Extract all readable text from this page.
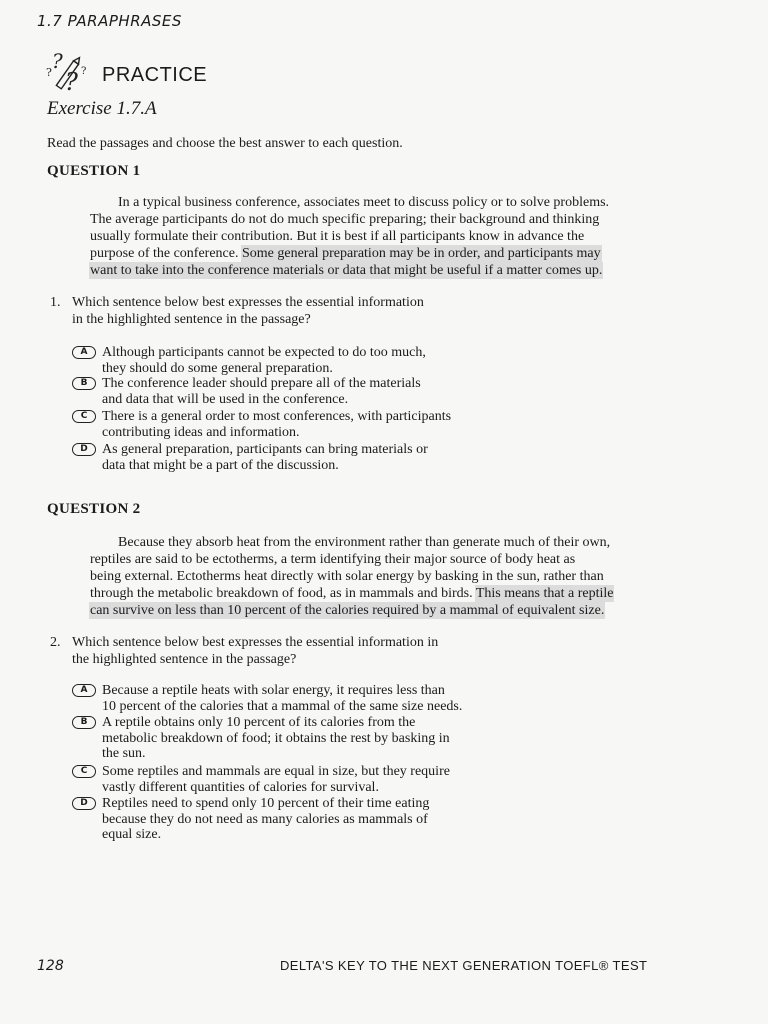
1.7 PARAPHRASES
? ?
? ? PRACTICE
Exercise 1.7.A
Read the passages and choose the best answer to each question.
QUESTION 1
In a typical business conference, associates meet to discuss policy or to solve problems.
The average participants do not do much specific preparing; their background and thinking
usually formulate their contribution. But it is best if all participants know in advance the
purpose of the conference. Some general preparation may be in order, and participants may
want to take into the conference materials or data that might be useful if a matter comes up.
1. Which sentence below best expresses the essential information
in the highlighted sentence in the passage?
A	Although participants cannot be expected to do too much,
they should do some general preparation.
B	The conference leader should prepare all of the materials
and data that will be used in the conference.
C	There is a general order to most conferences, with participants
contributing ideas and information.
D	As general preparation, participants can bring materials or
data that might be a part of the discussion.
QUESTION 2
Because they absorb heat from the environment rather than generate much of their own,
reptiles are said to be ectotherms, a term identifying their major source of body heat as
being external. Ectotherms heat directly with solar energy by basking in the sun, rather than
through the metabolic breakdown of food, as in mammals and birds. This means that a reptile
can survive on less than 10 percent of the calories required by a mammal of equivalent size.
2. Which sentence below best expresses the essential information in
the highlighted sentence in the passage?
A	Because a reptile heats with solar energy, it requires less than
10 percent of the calories that a mammal of the same size needs.
B	A reptile obtains only 10 percent of its calories from the
metabolic breakdown of food; it obtains the rest by basking in
the sun.
C	Some reptiles and mammals are equal in size, but they require
vastly different quantities of calories for survival.
D	Reptiles need to spend only 10 percent of their time eating
because they do not need as many calories as mammals of
equal size.
128	DELTA'S KEY TO THE NEXT GENERATION TOEFL® TEST
